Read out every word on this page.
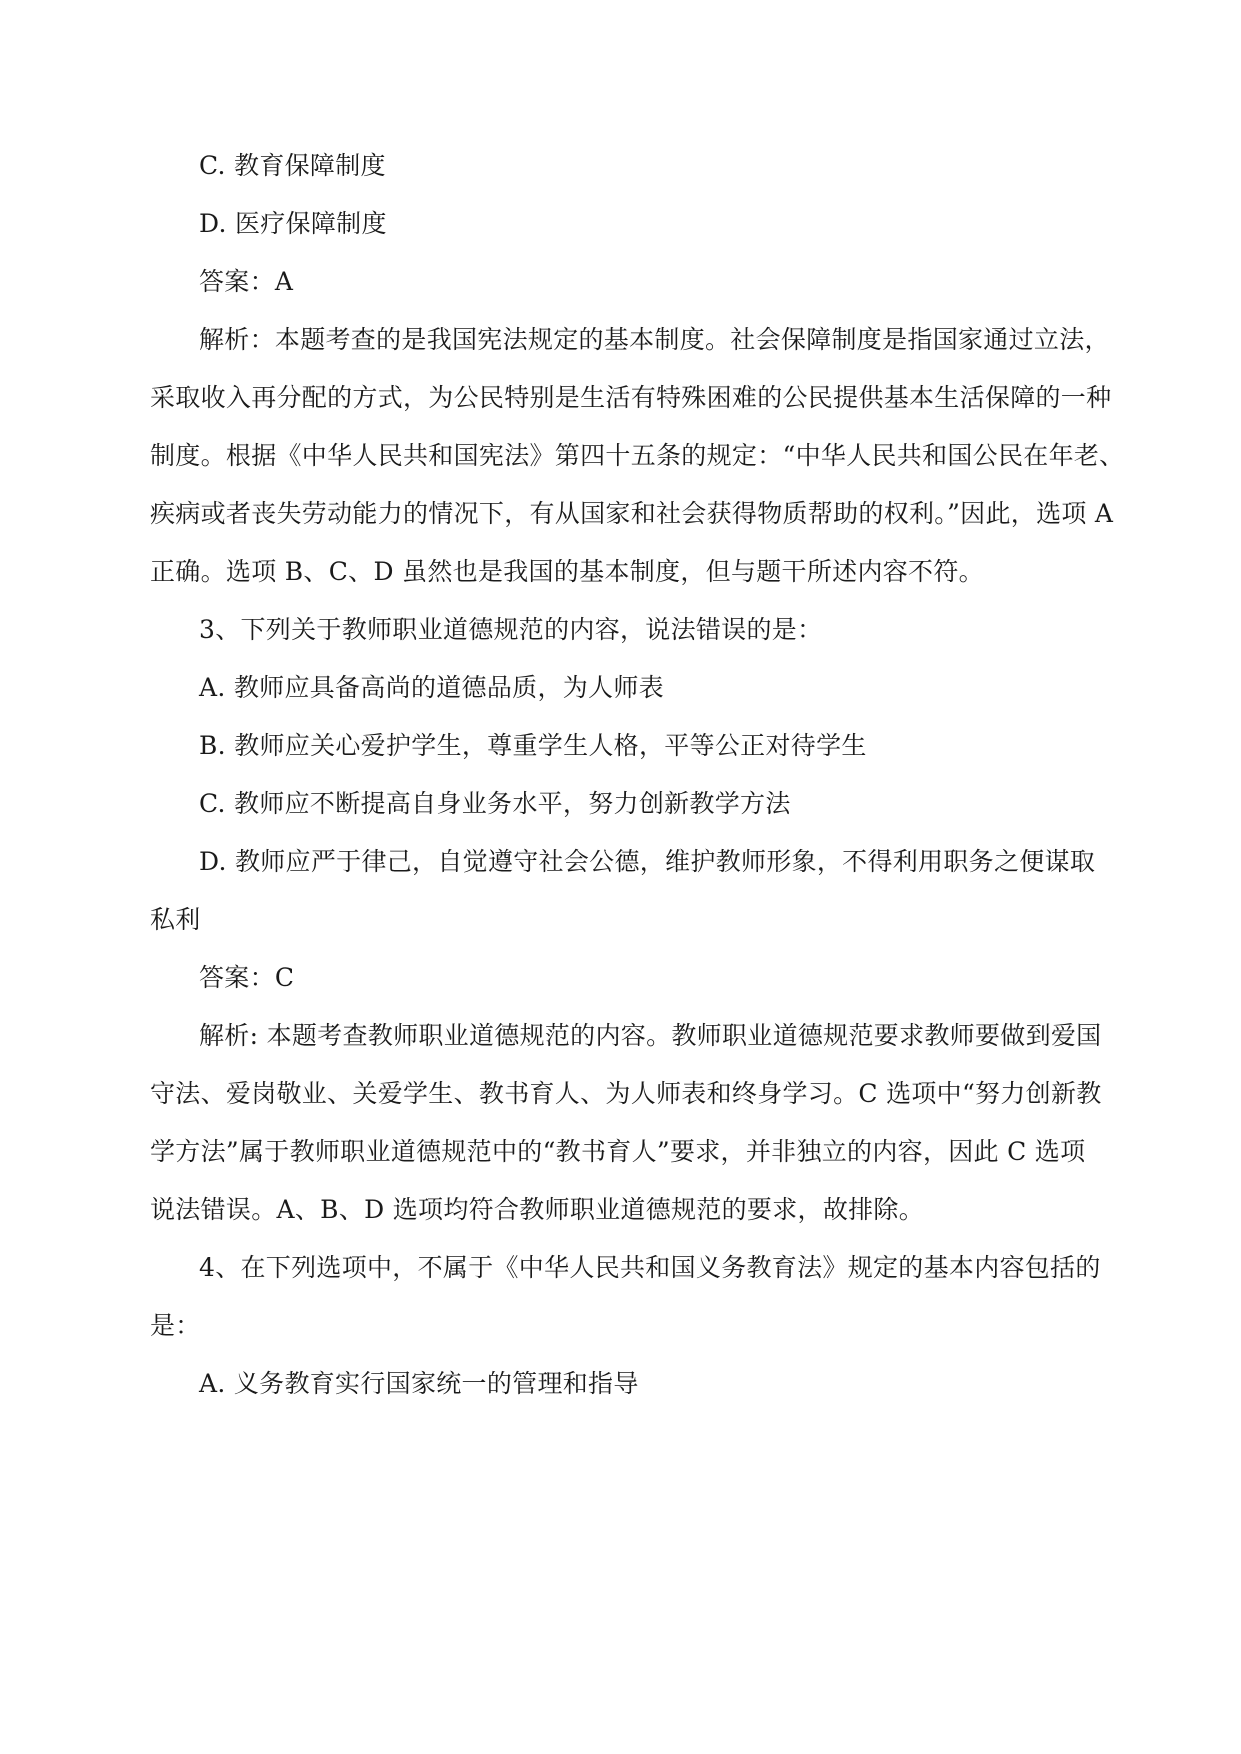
C. 教育保障制度
D. 医疗保障制度
答案：A
解析：本题考查的是我国宪法规定的基本制度。社会保障制度是指国家通过立法，
采取收入再分配的方式，为公民特别是生活有特殊困难的公民提供基本生活保障的一种
制度。根据《中华人民共和国宪法》第四十五条的规定：“中华人民共和国公民在年老、
疾病或者丧失劳动能力的情况下，有从国家和社会获得物质帮助的权利。”因此，选项 A
正确。选项 B、C、D 虽然也是我国的基本制度，但与题干所述内容不符。
3、下列关于教师职业道德规范的内容，说法错误的是：
A. 教师应具备高尚的道德品质，为人师表
B. 教师应关心爱护学生，尊重学生人格，平等公正对待学生
C. 教师应不断提高自身业务水平，努力创新教学方法
D. 教师应严于律己，自觉遵守社会公德，维护教师形象，不得利用职务之便谋取
私利
答案：C
解析: 本题考查教师职业道德规范的内容。教师职业道德规范要求教师要做到爱国
守法、爱岗敬业、关爱学生、教书育人、为人师表和终身学习。C 选项中“努力创新教
学方法”属于教师职业道德规范中的“教书育人”要求，并非独立的内容，因此 C 选项
说法错误。A、B、D 选项均符合教师职业道德规范的要求，故排除。
4、在下列选项中，不属于《中华人民共和国义务教育法》规定的基本内容包括的
是：
A. 义务教育实行国家统一的管理和指导
